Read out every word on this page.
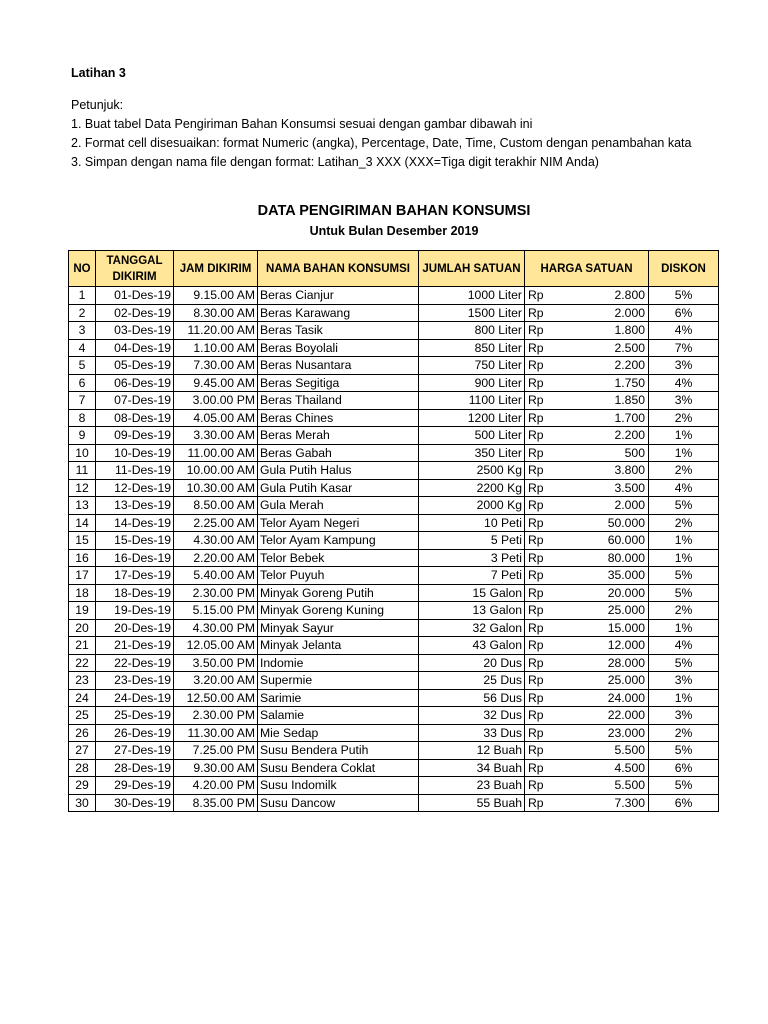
Latihan 3
Petunjuk:
1. Buat tabel Data Pengiriman Bahan Konsumsi sesuai dengan gambar dibawah ini
2. Format cell disesuaikan: format Numeric (angka), Percentage, Date, Time, Custom dengan penambahan kata
3. Simpan dengan nama file dengan format: Latihan_3 XXX (XXX=Tiga digit terakhir NIM Anda)
DATA PENGIRIMAN BAHAN KONSUMSI
Untuk Bulan Desember 2019
NO	TANGGAL DIKIRIM	JAM DIKIRIM	NAMA BAHAN KONSUMSI	JUMLAH SATUAN	HARGA SATUAN	DISKON
1	01-Des-19	9.15.00 AM	Beras Cianjur	1000 Liter	Rp 2.800	5%
2	02-Des-19	8.30.00 AM	Beras Karawang	1500 Liter	Rp 2.000	6%
3	03-Des-19	11.20.00 AM	Beras Tasik	800 Liter	Rp 1.800	4%
4	04-Des-19	1.10.00 AM	Beras Boyolali	850 Liter	Rp 2.500	7%
5	05-Des-19	7.30.00 AM	Beras Nusantara	750 Liter	Rp 2.200	3%
6	06-Des-19	9.45.00 AM	Beras Segitiga	900 Liter	Rp 1.750	4%
7	07-Des-19	3.00.00 PM	Beras Thailand	1100 Liter	Rp 1.850	3%
8	08-Des-19	4.05.00 AM	Beras Chines	1200 Liter	Rp 1.700	2%
9	09-Des-19	3.30.00 AM	Beras Merah	500 Liter	Rp 2.200	1%
10	10-Des-19	11.00.00 AM	Beras Gabah	350 Liter	Rp 500	1%
11	11-Des-19	10.00.00 AM	Gula Putih Halus	2500 Kg	Rp 3.800	2%
12	12-Des-19	10.30.00 AM	Gula Putih Kasar	2200 Kg	Rp 3.500	4%
13	13-Des-19	8.50.00 AM	Gula Merah	2000 Kg	Rp 2.000	5%
14	14-Des-19	2.25.00 AM	Telor Ayam Negeri	10 Peti	Rp 50.000	2%
15	15-Des-19	4.30.00 AM	Telor Ayam Kampung	5 Peti	Rp 60.000	1%
16	16-Des-19	2.20.00 AM	Telor Bebek	3 Peti	Rp 80.000	1%
17	17-Des-19	5.40.00 AM	Telor Puyuh	7 Peti	Rp 35.000	5%
18	18-Des-19	2.30.00 PM	Minyak Goreng Putih	15 Galon	Rp 20.000	5%
19	19-Des-19	5.15.00 PM	Minyak Goreng Kuning	13 Galon	Rp 25.000	2%
20	20-Des-19	4.30.00 PM	Minyak Sayur	32 Galon	Rp 15.000	1%
21	21-Des-19	12.05.00 AM	Minyak Jelanta	43 Galon	Rp 12.000	4%
22	22-Des-19	3.50.00 PM	Indomie	20 Dus	Rp 28.000	5%
23	23-Des-19	3.20.00 AM	Supermie	25 Dus	Rp 25.000	3%
24	24-Des-19	12.50.00 AM	Sarimie	56 Dus	Rp 24.000	1%
25	25-Des-19	2.30.00 PM	Salamie	32 Dus	Rp 22.000	3%
26	26-Des-19	11.30.00 AM	Mie Sedap	33 Dus	Rp 23.000	2%
27	27-Des-19	7.25.00 PM	Susu Bendera Putih	12 Buah	Rp 5.500	5%
28	28-Des-19	9.30.00 AM	Susu Bendera Coklat	34 Buah	Rp 4.500	6%
29	29-Des-19	4.20.00 PM	Susu Indomilk	23 Buah	Rp 5.500	5%
30	30-Des-19	8.35.00 PM	Susu Dancow	55 Buah	Rp 7.300	6%
